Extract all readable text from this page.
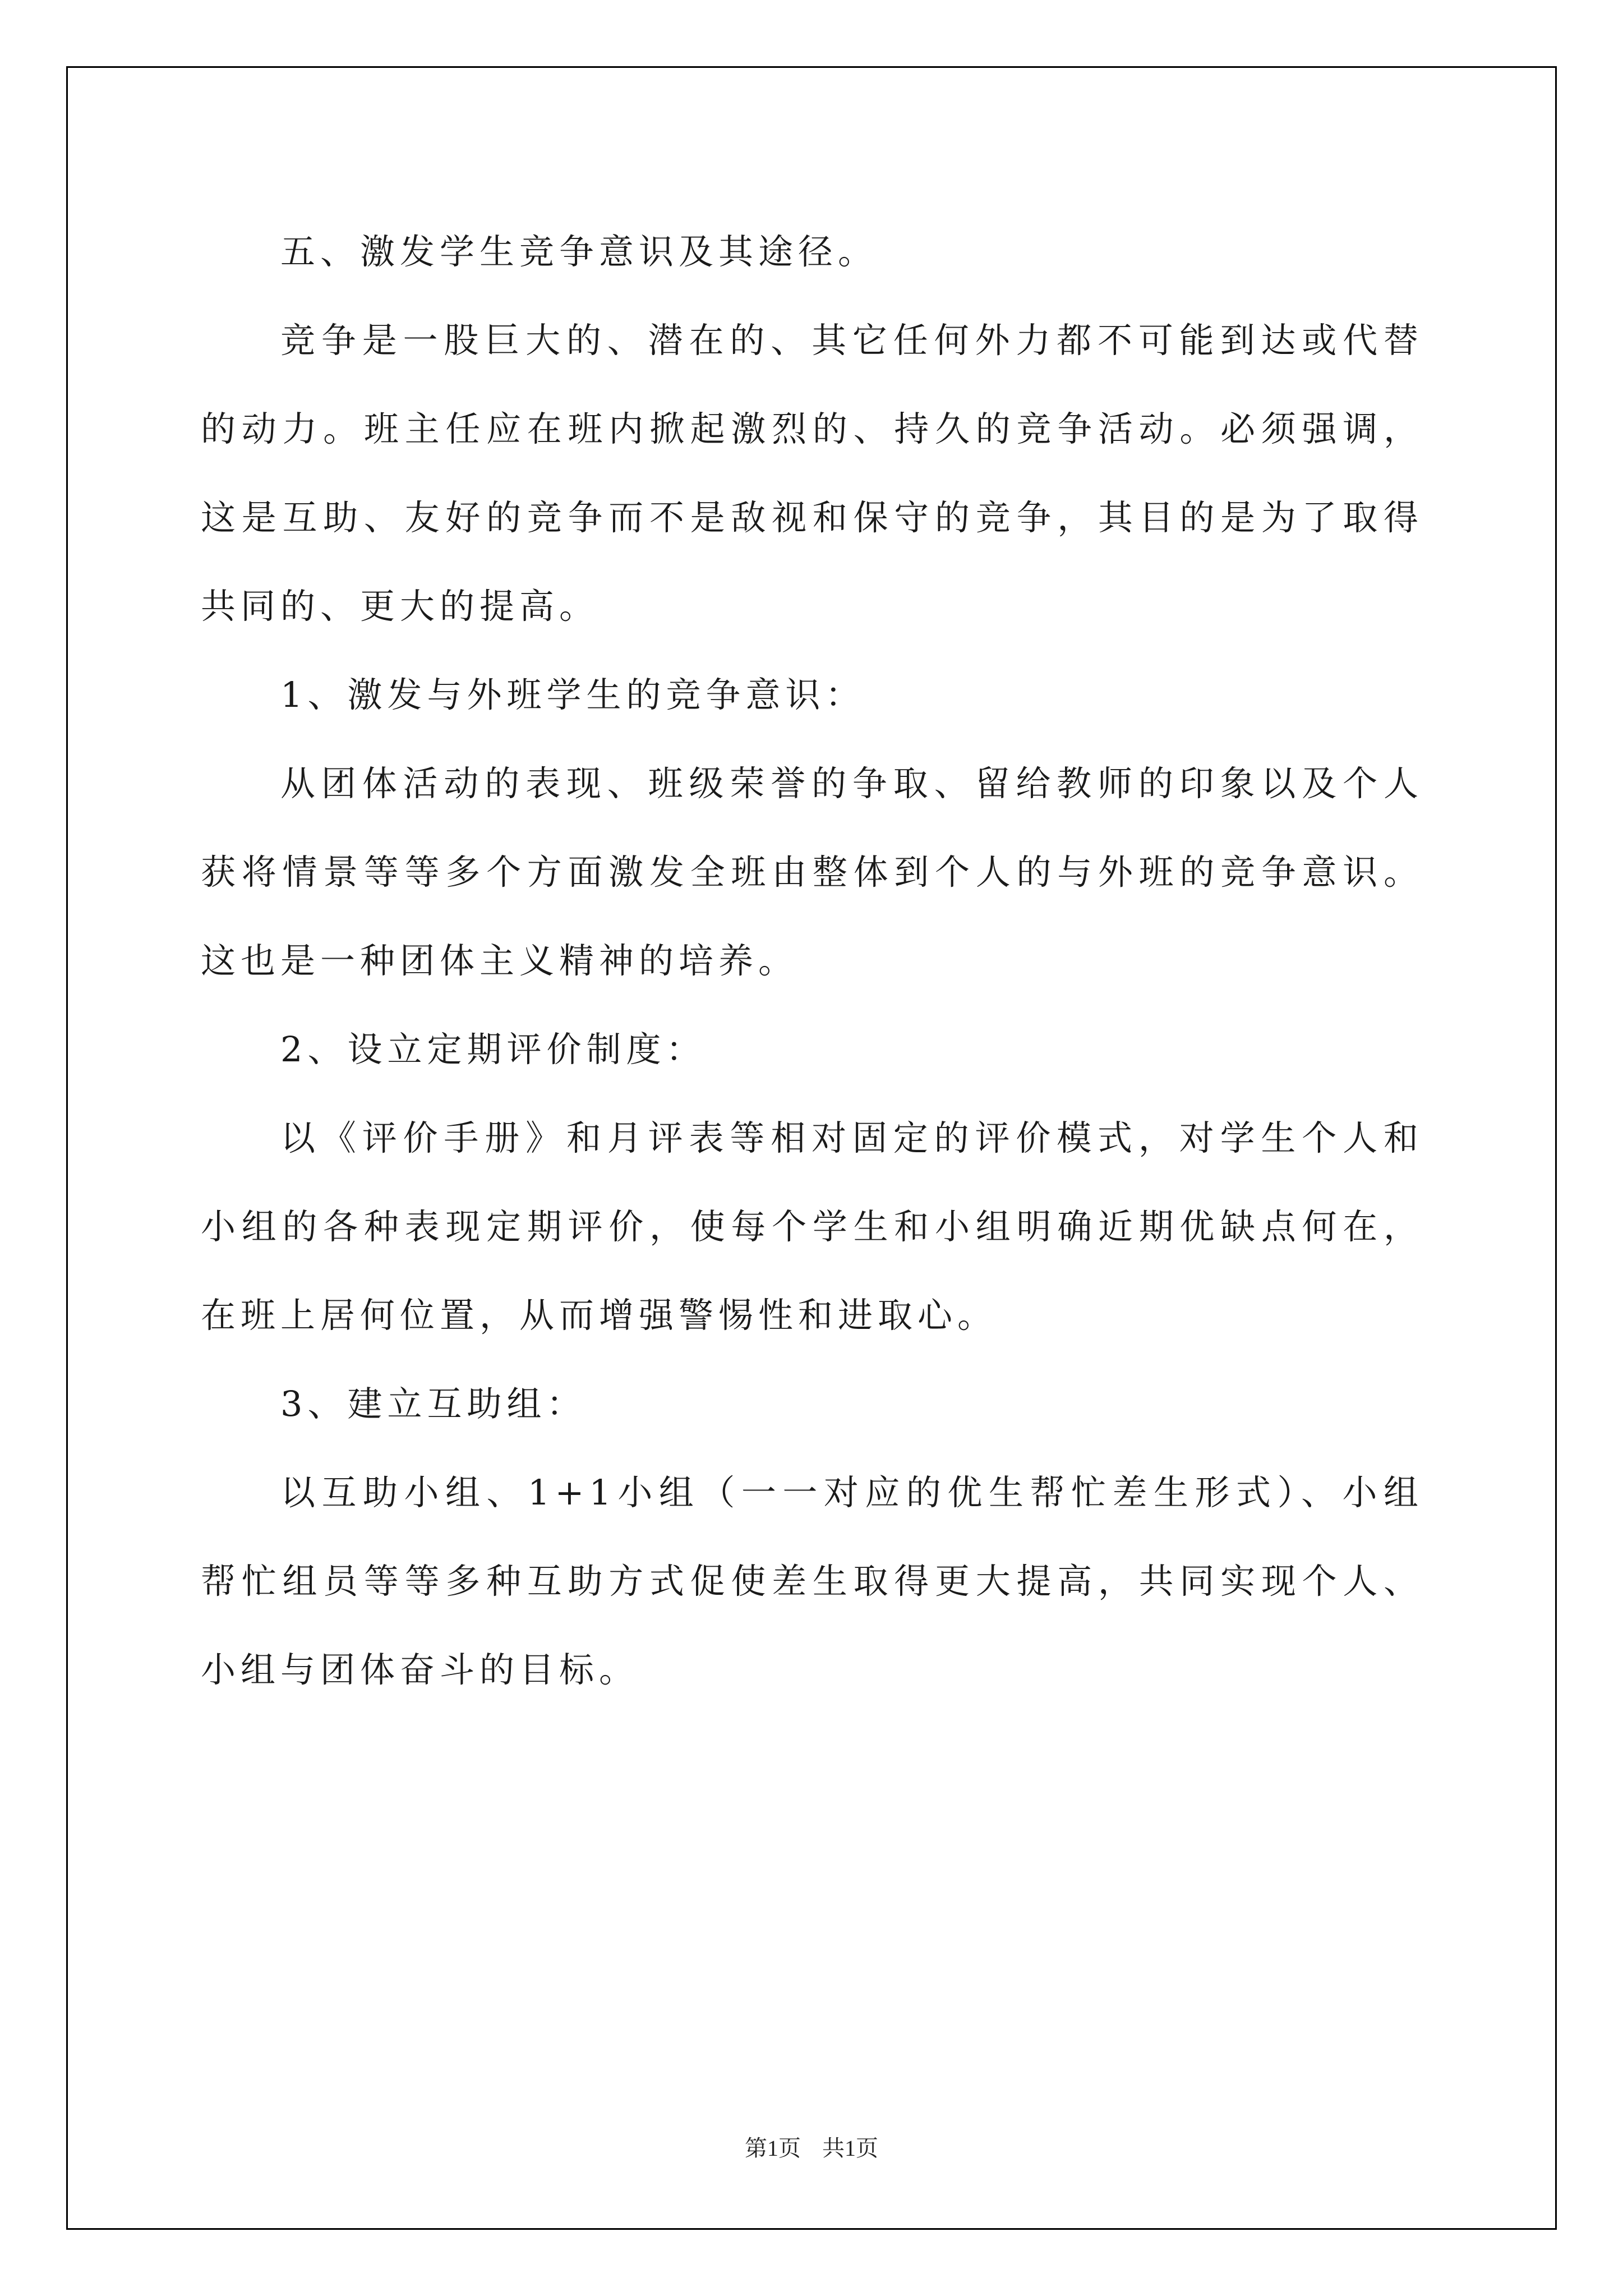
五、激发学生竞争意识及其途径。

竞争是一股巨大的、潜在的、其它任何外力都不可能到达或代替的动力。班主任应在班内掀起激烈的、持久的竞争活动。必须强调，这是互助、友好的竞争而不是敌视和保守的竞争，其目的是为了取得共同的、更大的提高。

1、激发与外班学生的竞争意识：

从团体活动的表现、班级荣誉的争取、留给教师的印象以及个人获将情景等等多个方面激发全班由整体到个人的与外班的竞争意识。这也是一种团体主义精神的培养。

2、设立定期评价制度：

以《评价手册》和月评表等相对固定的评价模式，对学生个人和小组的各种表现定期评价，使每个学生和小组明确近期优缺点何在，在班上居何位置，从而增强警惕性和进取心。

3、建立互助组：

以互助小组、1+1小组（一一对应的优生帮忙差生形式）、小组帮忙组员等等多种互助方式促使差生取得更大提高，共同实现个人、小组与团体奋斗的目标。

第1页 共1页
